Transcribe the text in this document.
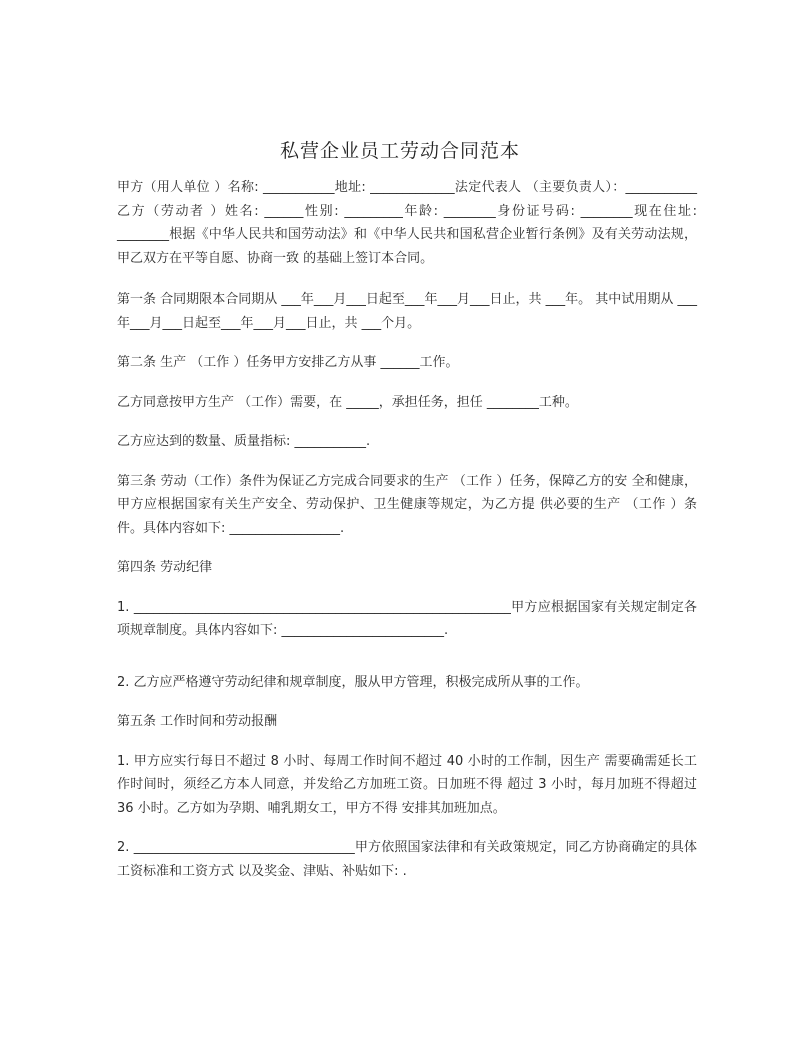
私营企业员工劳动合同范本

甲方（用人单位 ）名称: ___________地址: _____________法定代表人 （主要负责人）：___________乙方（劳动者 ）姓名: ______性别: _________年龄: ________身份证号码: ________现在住址: ________根据《中华人民共和国劳动法》和《中华人民共和国私营企业暂行条例》及有关劳动法规，甲乙双方在平等自愿、协商一致 的基础上签订本合同。

第一条 合同期限本合同期从 ___年___月___日起至___年___月___日止，共 ___年。 其中试用期从 ___年___月___日起至___年___月___日止，共 ___个月。

第二条 生产 （工作 ）任务甲方安排乙方从事 ______工作。

乙方同意按甲方生产 （工作）需要，在 _____，承担任务，担任 ________工种。

乙方应达到的数量、质量指标: ___________.

第三条 劳动（工作）条件为保证乙方完成合同要求的生产 （工作 ）任务，保障乙方的安 全和健康，甲方应根据国家有关生产安全、劳动保护、卫生健康等规定，为乙方提 供必要的生产 （工作 ）条件。具体内容如下: _________________.

第四条 劳动纪律

1. __________________________________________________________甲方应根据国家有关规定制定各项规章制度。具体内容如下: _________________________.

2. 乙方应严格遵守劳动纪律和规章制度，服从甲方管理，积极完成所从事的工作。

第五条 工作时间和劳动报酬

1. 甲方应实行每日不超过 8 小时、每周工作时间不超过 40 小时的工作制，因生产 需要确需延长工作时间时，须经乙方本人同意，并发给乙方加班工资。日加班不得 超过 3 小时，每月加班不得超过 36 小时。乙方如为孕期、哺乳期女工，甲方不得 安排其加班加点。

2. __________________________________甲方依照国家法律和有关政策规定，同乙方协商确定的具体工资标准和工资方式 以及奖金、津贴、补贴如下: .
